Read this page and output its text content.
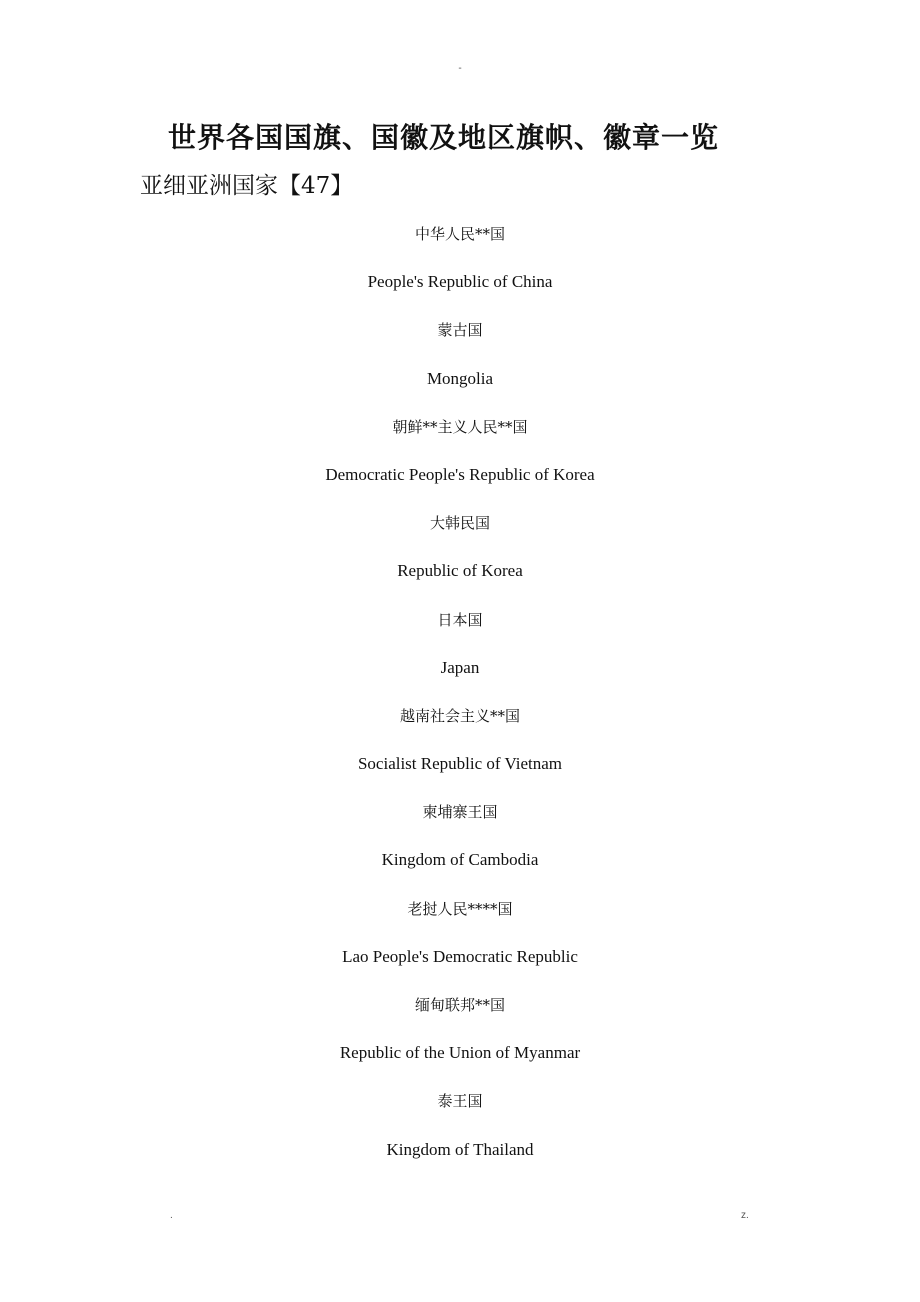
-
世界各国国旗、国徽及地区旗帜、徽章一览
亚细亚洲国家【47】
中华人民**国
People's Republic of China
蒙古国
Mongolia
朝鲜**主义人民**国
Democratic People's Republic of Korea
大韩民国
Republic of Korea
日本国
Japan
越南社会主义**国
Socialist Republic of Vietnam
柬埔寨王国
Kingdom of Cambodia
老挝人民****国
Lao People's Democratic Republic
缅甸联邦**国
Republic of the Union of Myanmar
泰王国
Kingdom of Thailand
.	z.
